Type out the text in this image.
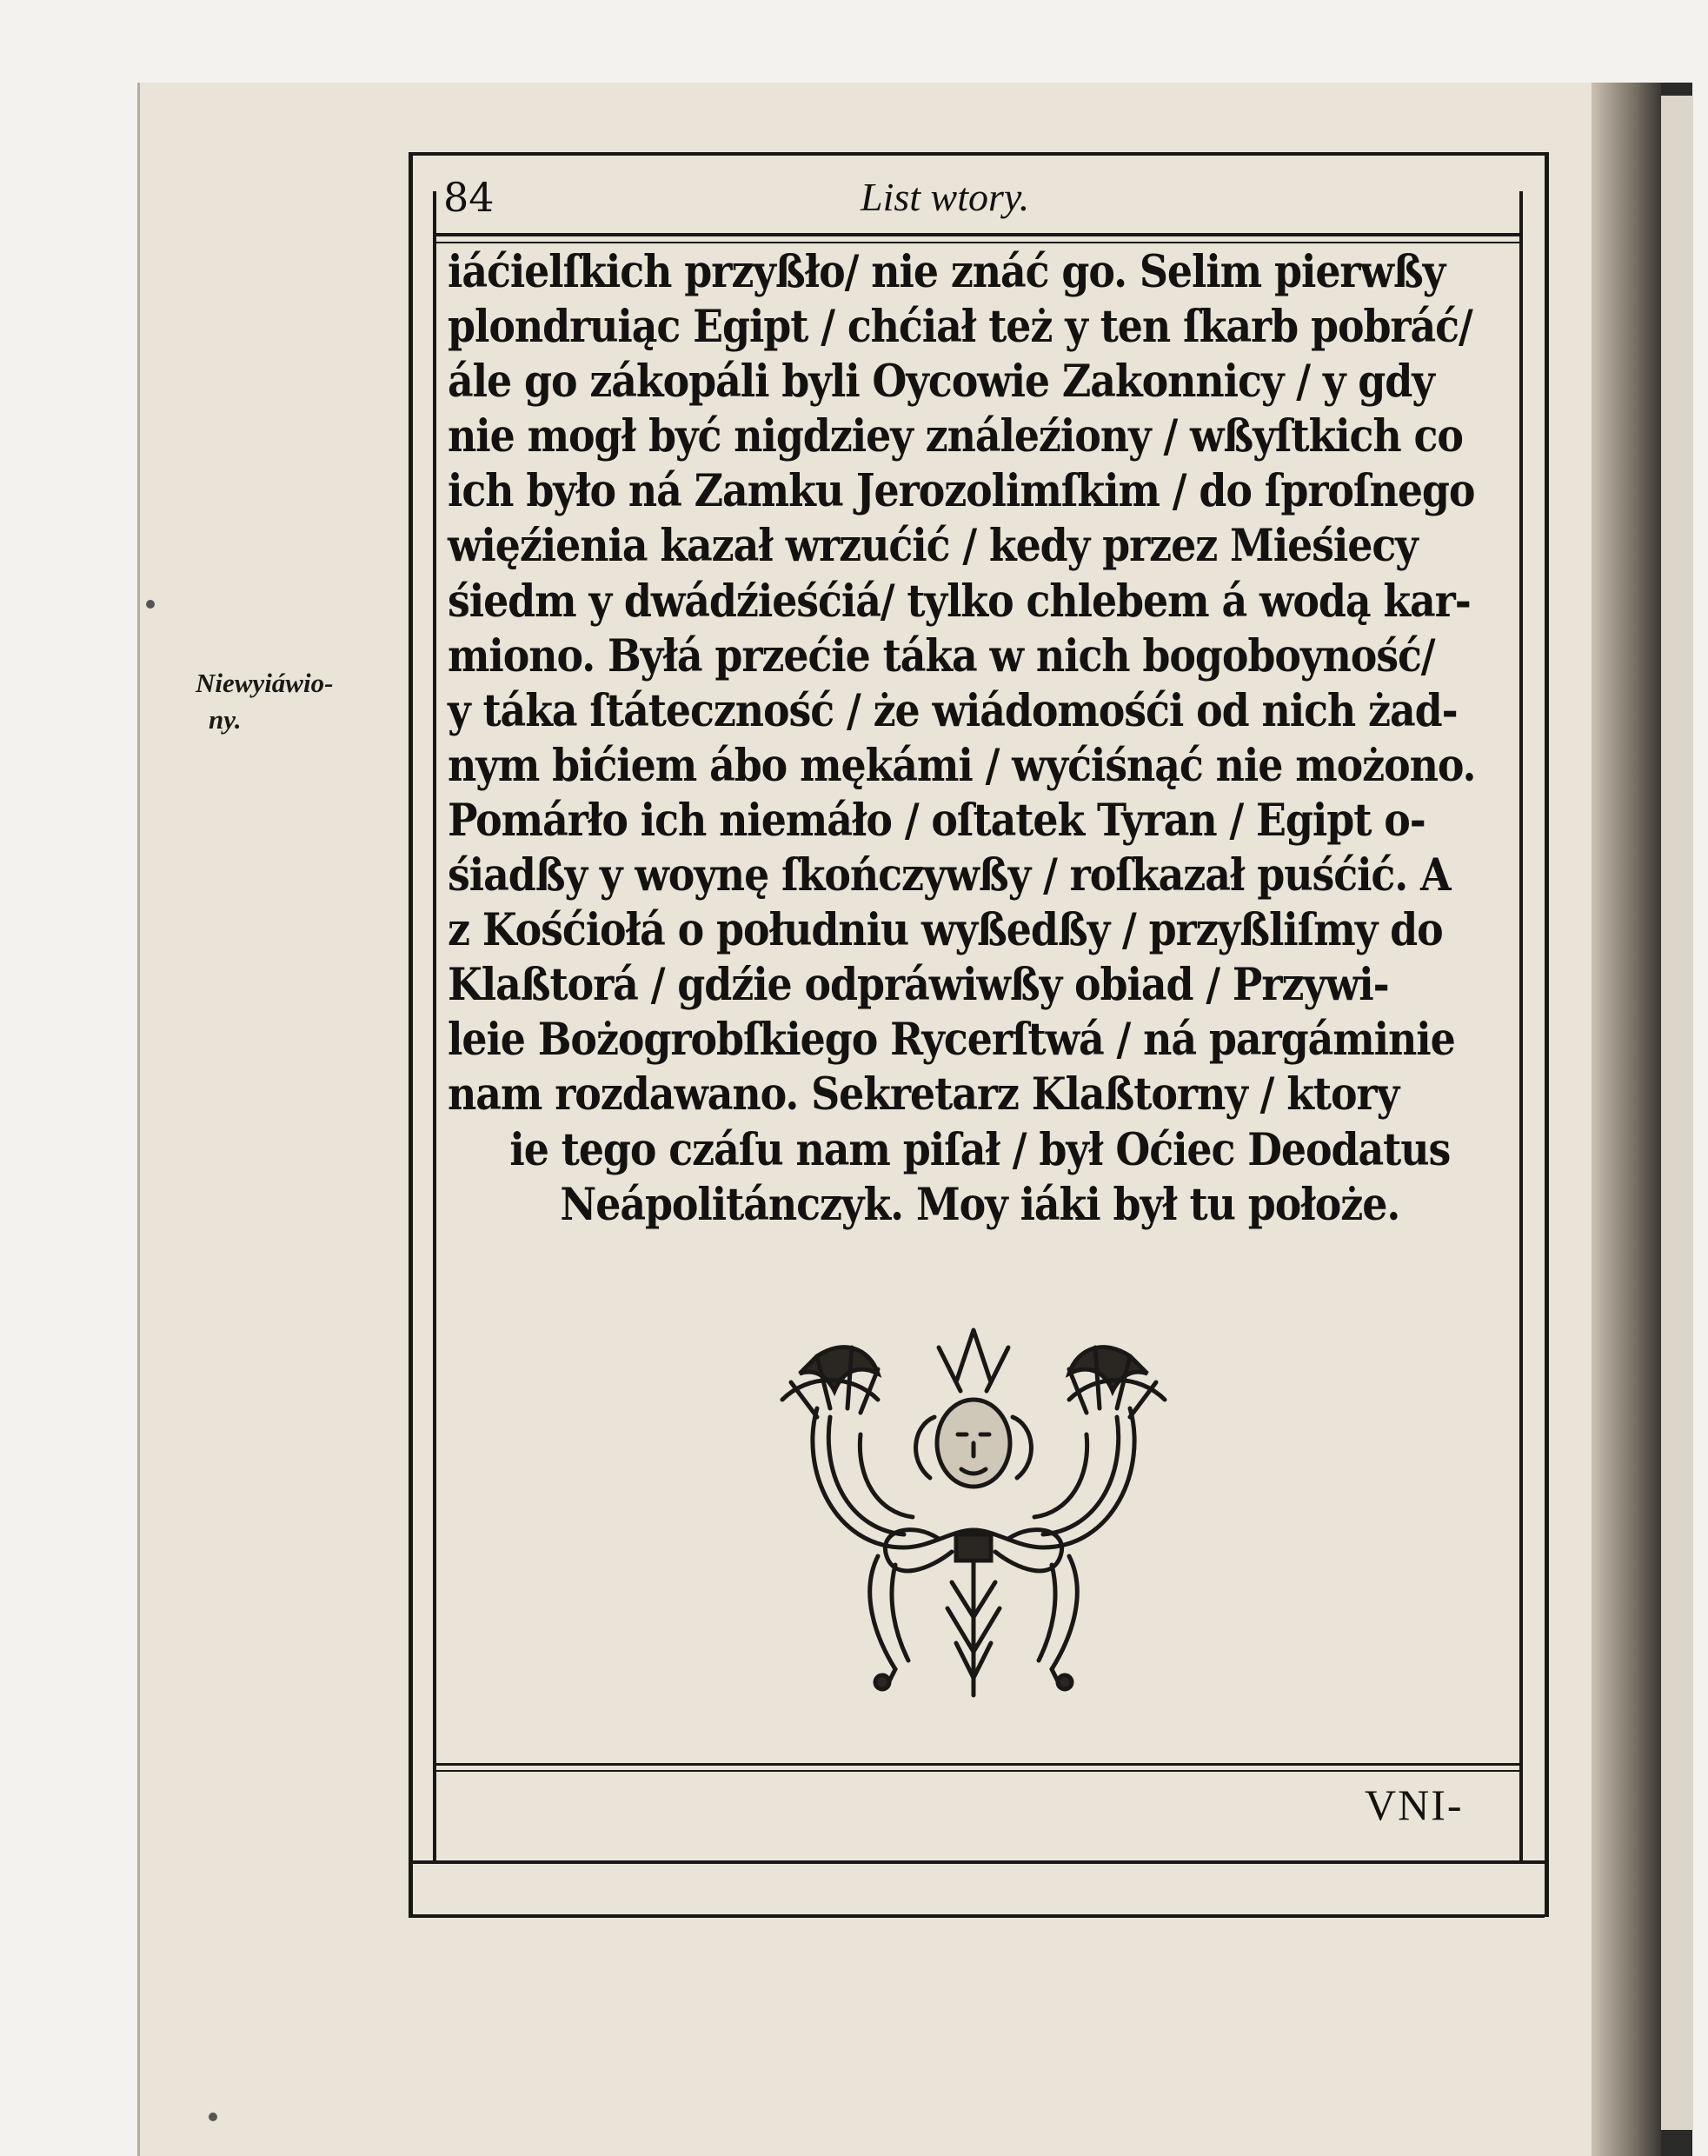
84	List wtory.
Niewyiáwio-
ny.
iáćielſkich przyßło/ nie znáć go. Selim pierwßy
plondruiąc Egipt / chćiał też y ten ſkarb pobráć/
ále go zákopáli byli Oycowie Zakonnicy / y gdy
nie mogł być nigdziey ználeźiony / wßyſtkich co
ich było ná Zamku Jerozolimſkim / do ſproſnego
więźienia kazał wrzućić / kedy przez Mieśiecy
śiedm y dwádźieśćiá/ tylko chlebem á wodą kar-
miono. Byłá przećie táka w nich bogoboyność/
y táka ſtáteczność / że wiádomośći od nich żad-
nym bićiem ábo mękámi / wyćiśnąć nie możono.
Pomárło ich niemáło / oſtatek Tyran / Egipt o-
śiadßy y woynę ſkończywßy / roſkazał puśćić. A
z Kośćiołá o południu wyßedßy / przyßliſmy do
Klaßtorá / gdźie odpráwiwßy obiad / Przywi-
leie Bożogrobſkiego Rycerſtwá / ná pargáminie
nam rozdawano. Sekretarz Klaßtorny / ktory
ie tego czáſu nam piſał / był Oćiec Deodatus
Neápolitánczyk. Moy iáki był tu położe.
VNI-
